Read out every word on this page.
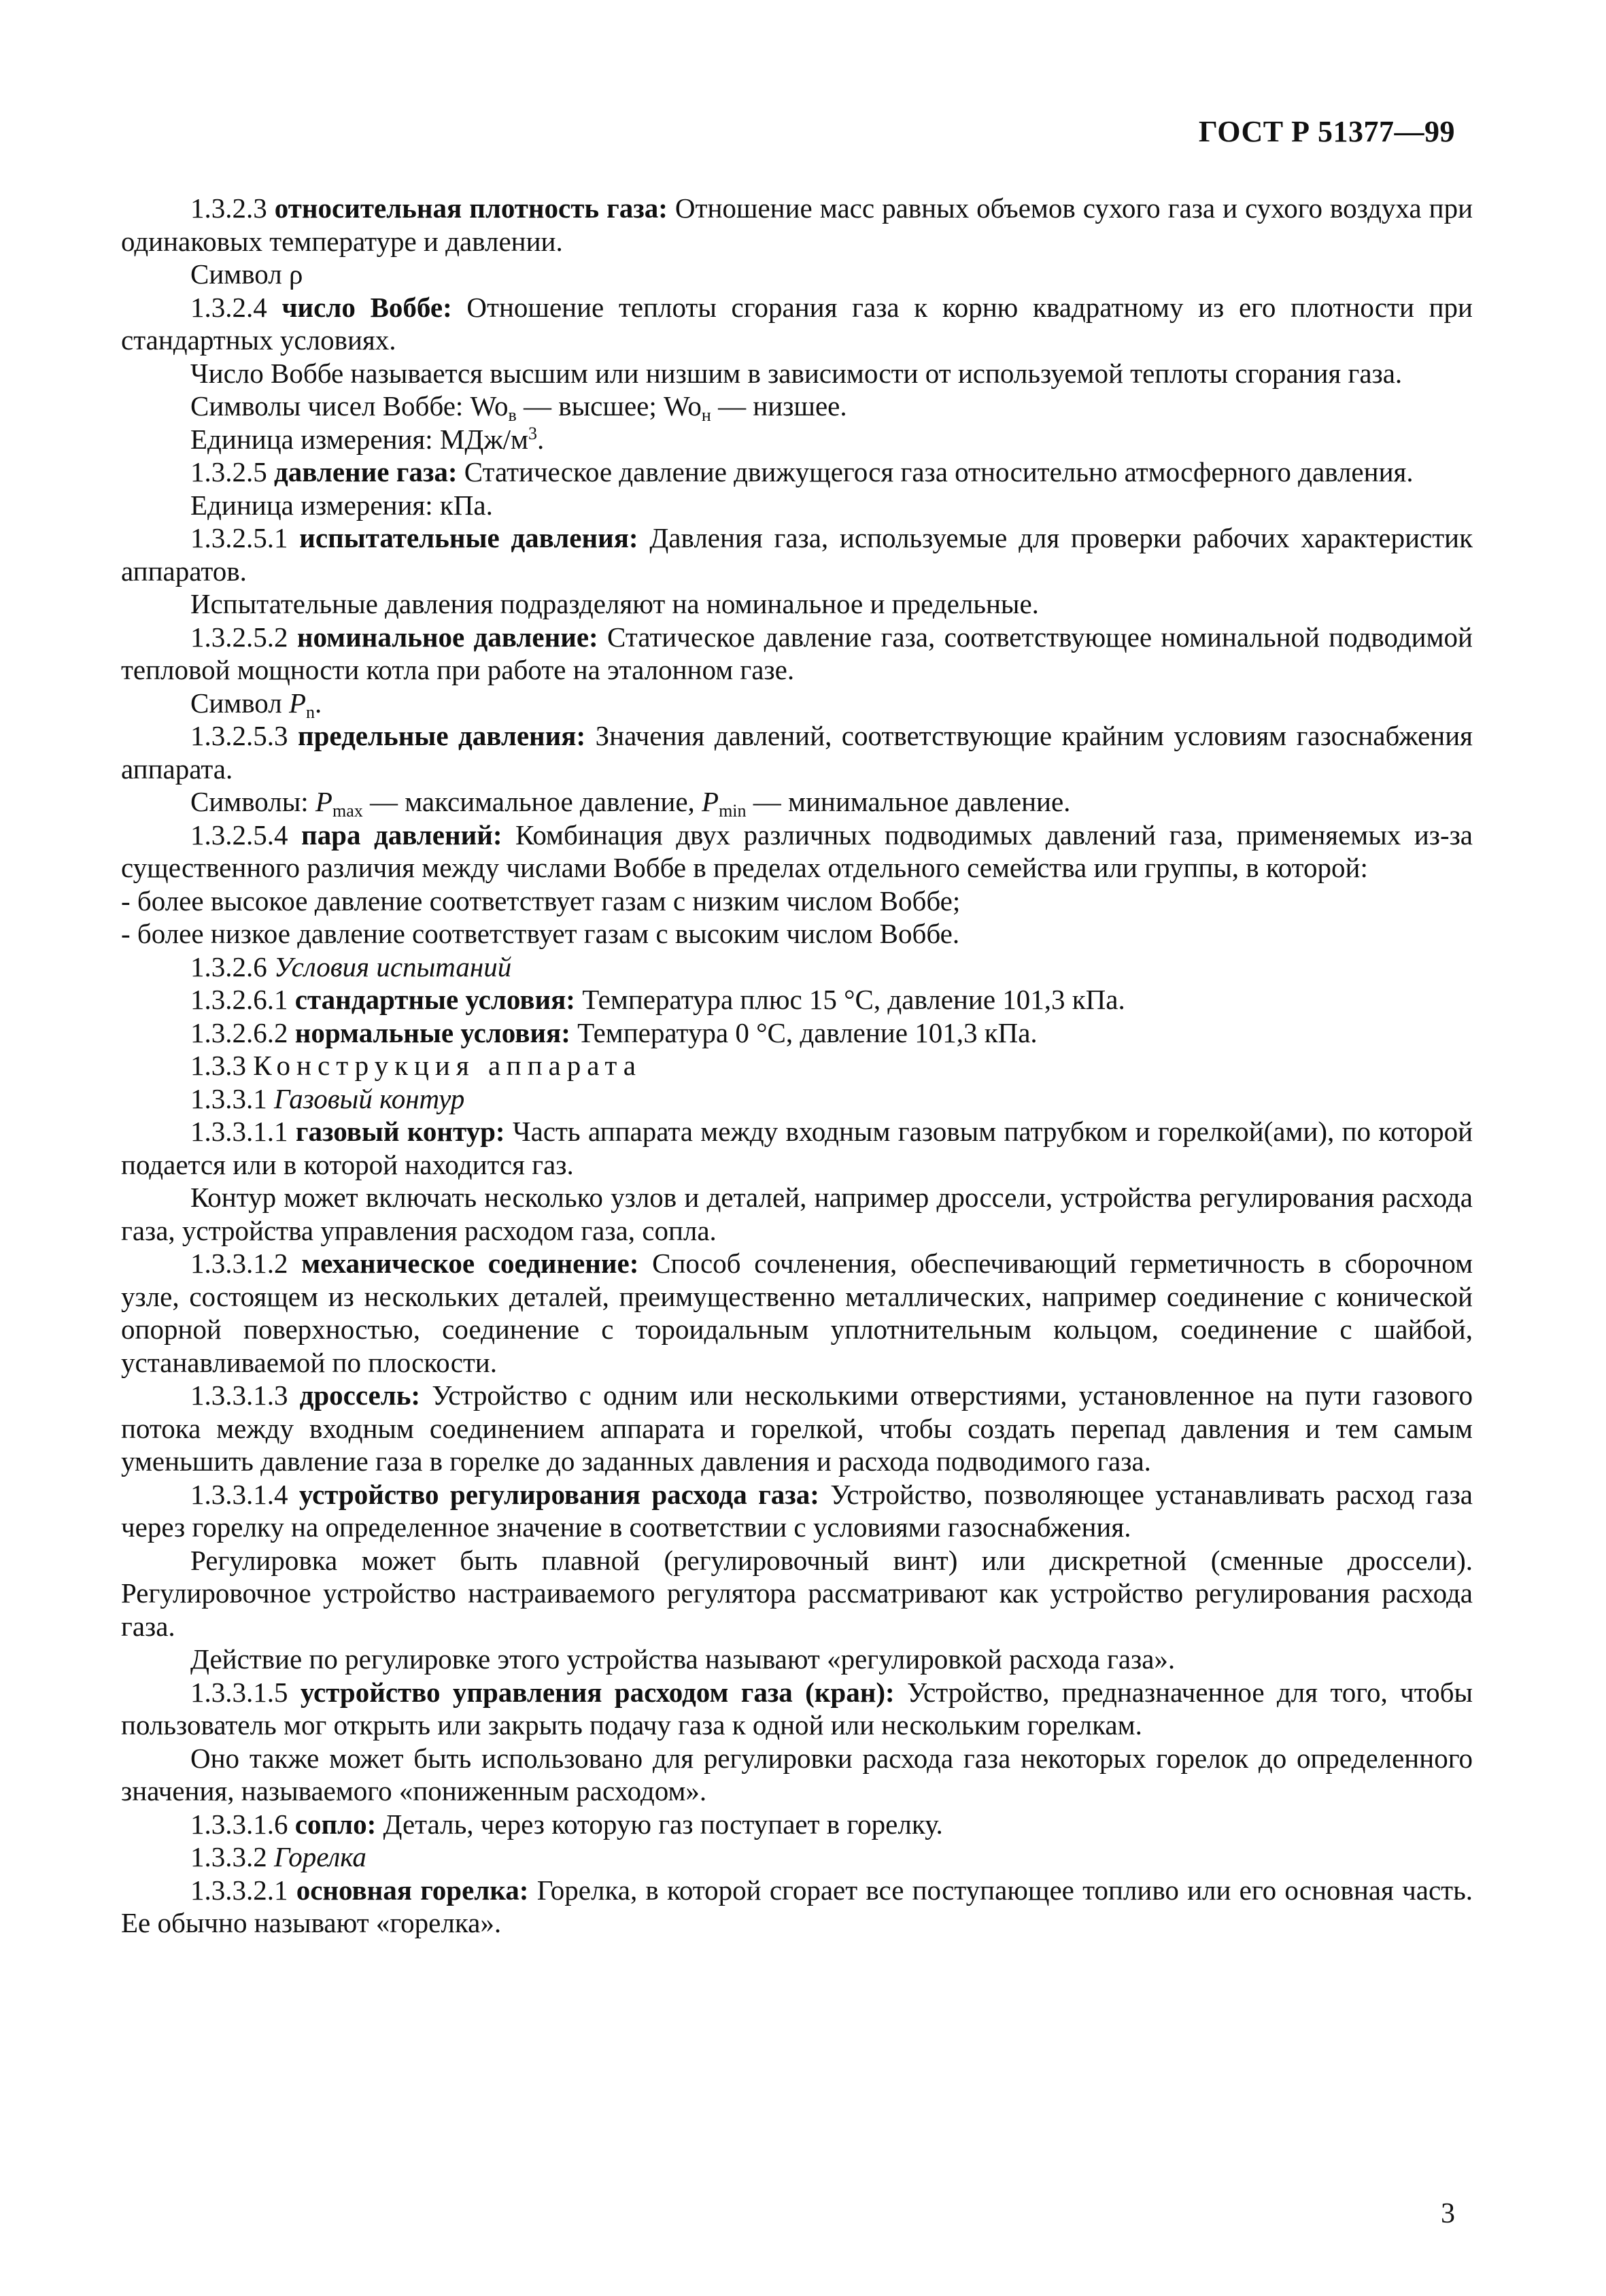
ГОСТ Р 51377—99

1.3.2.3 относительная плотность газа: Отношение масс равных объемов сухого газа и сухого воздуха при одинаковых температуре и давлении.

Символ ρ

1.3.2.4 число Воббе: Отношение теплоты сгорания газа к корню квадратному из его плотности при стандартных условиях.

Число Воббе называется высшим или низшим в зависимости от используемой теплоты сгорания газа.

Символы чисел Воббе: $Wo_в$ — высшее; $Wo_н$ — низшее.

Единица измерения: МДж/$м^3$.

1.3.2.5 давление газа: Статическое давление движущегося газа относительно атмосферного давления.

Единица измерения: кПа.

1.3.2.5.1 испытательные давления: Давления газа, используемые для проверки рабочих характеристик аппаратов.

Испытательные давления подразделяют на номинальное и предельные.

1.3.2.5.2 номинальное давление: Статическое давление газа, соответствующее номинальной подводимой тепловой мощности котла при работе на эталонном газе.

Символ $P_n$.

1.3.2.5.3 предельные давления: Значения давлений, соответствующие крайним условиям газоснабжения аппарата.

Символы: $P_{max}$ — максимальное давление, $P_{min}$ — минимальное давление.

1.3.2.5.4 пара давлений: Комбинация двух различных подводимых давлений газа, применяемых из-за существенного различия между числами Воббе в пределах отдельного семейства или группы, в которой:

- более высокое давление соответствует газам с низким числом Воббе;

- более низкое давление соответствует газам с высоким числом Воббе.

1.3.2.6 Условия испытаний

1.3.2.6.1 стандартные условия: Температура плюс 15 °С, давление 101,3 кПа.

1.3.2.6.2 нормальные условия: Температура 0 °С, давление 101,3 кПа.

1.3.3 Конструкция аппарата

1.3.3.1 Газовый контур

1.3.3.1.1 газовый контур: Часть аппарата между входным газовым патрубком и горелкой(ами), по которой подается или в которой находится газ.

Контур может включать несколько узлов и деталей, например дроссели, устройства регулирования расхода газа, устройства управления расходом газа, сопла.

1.3.3.1.2 механическое соединение: Способ сочленения, обеспечивающий герметичность в сборочном узле, состоящем из нескольких деталей, преимущественно металлических, например соединение с конической опорной поверхностью, соединение с тороидальным уплотнительным кольцом, соединение с шайбой, устанавливаемой по плоскости.

1.3.3.1.3 дроссель: Устройство с одним или несколькими отверстиями, установленное на пути газового потока между входным соединением аппарата и горелкой, чтобы создать перепад давления и тем самым уменьшить давление газа в горелке до заданных давления и расхода подводимого газа.

1.3.3.1.4 устройство регулирования расхода газа: Устройство, позволяющее устанавливать расход газа через горелку на определенное значение в соответствии с условиями газоснабжения.

Регулировка может быть плавной (регулировочный винт) или дискретной (сменные дроссели). Регулировочное устройство настраиваемого регулятора рассматривают как устройство регулирования расхода газа.

Действие по регулировке этого устройства называют «регулировкой расхода газа».

1.3.3.1.5 устройство управления расходом газа (кран): Устройство, предназначенное для того, чтобы пользователь мог открыть или закрыть подачу газа к одной или нескольким горелкам.

Оно также может быть использовано для регулировки расхода газа некоторых горелок до определенного значения, называемого «пониженным расходом».

1.3.3.1.6 сопло: Деталь, через которую газ поступает в горелку.

1.3.3.2 Горелка

1.3.3.2.1 основная горелка: Горелка, в которой сгорает все поступающее топливо или его основная часть. Ее обычно называют «горелка».

3
